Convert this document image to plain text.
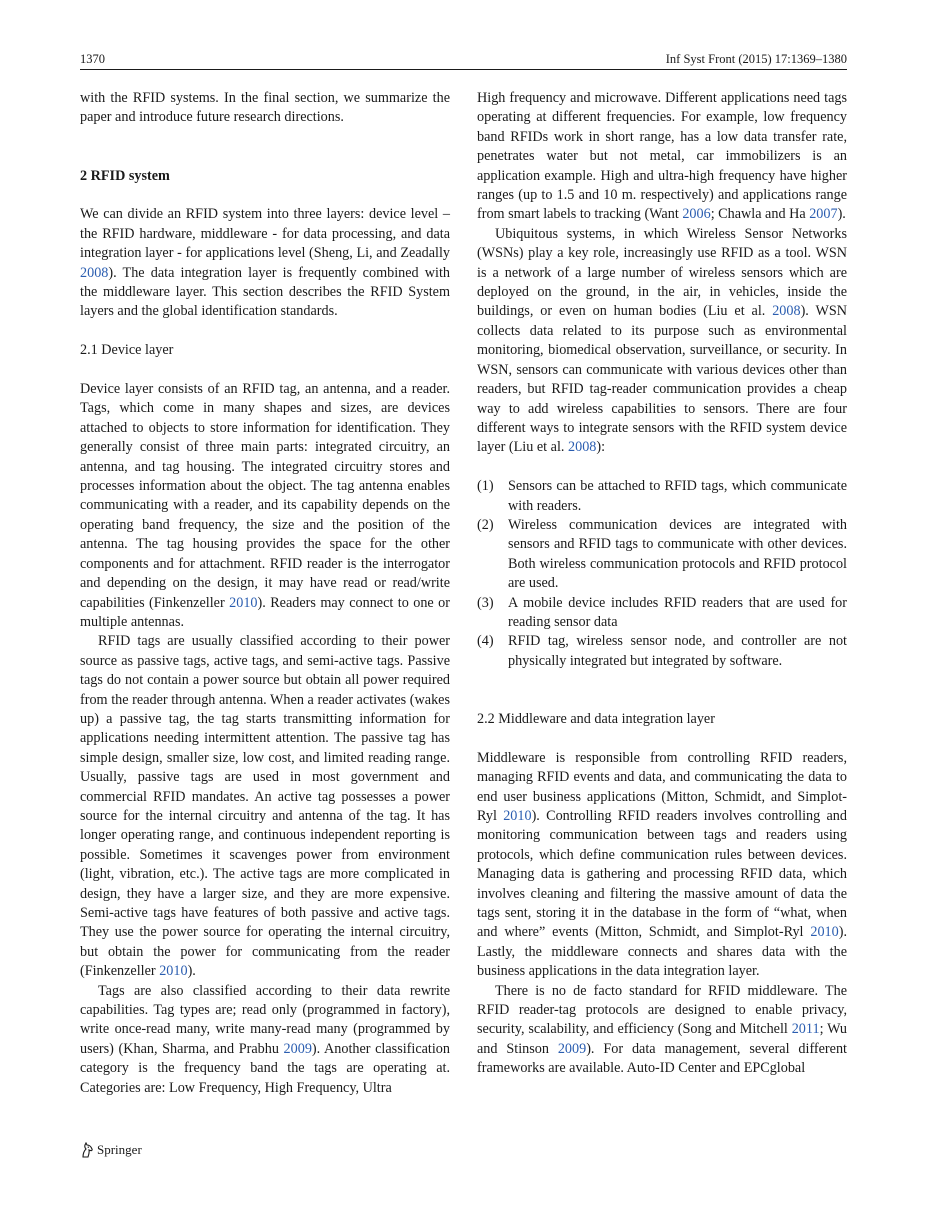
1370	Inf Syst Front (2015) 17:1369–1380

with the RFID systems. In the final section, we summarize the paper and introduce future research directions.

2 RFID system

We can divide an RFID system into three layers: device level – the RFID hardware, middleware - for data processing, and data integration layer - for applications level (Sheng, Li, and Zeadally 2008). The data integration layer is frequently combined with the middleware layer. This section describes the RFID System layers and the global identification standards.

2.1 Device layer

Device layer consists of an RFID tag, an antenna, and a reader. Tags, which come in many shapes and sizes, are devices attached to objects to store information for identification. They generally consist of three main parts: integrated circuitry, an antenna, and tag housing. The integrated circuitry stores and processes information about the object. The tag antenna enables communicating with a reader, and its capability depends on the operating band frequency, the size and the position of the antenna. The tag housing provides the space for the other components and for attachment. RFID reader is the interrogator and depending on the design, it may have read or read/write capabilities (Finkenzeller 2010). Readers may connect to one or multiple antennas.

RFID tags are usually classified according to their power source as passive tags, active tags, and semi-active tags. Passive tags do not contain a power source but obtain all power required from the reader through antenna. When a reader activates (wakes up) a passive tag, the tag starts transmitting information for applications needing intermittent attention. The passive tag has simple design, smaller size, low cost, and limited reading range. Usually, passive tags are used in most government and commercial RFID mandates. An active tag possesses a power source for the internal circuitry and antenna of the tag. It has longer operating range, and continuous independent reporting is possible. Sometimes it scavenges power from environment (light, vibration, etc.). The active tags are more complicated in design, they have a larger size, and they are more expensive. Semi-active tags have features of both passive and active tags. They use the power source for operating the internal circuitry, but obtain the power for communicating from the reader (Finkenzeller 2010).

Tags are also classified according to their data rewrite capabilities. Tag types are; read only (programmed in factory), write once-read many, write many-read many (programmed by users) (Khan, Sharma, and Prabhu 2009). Another classification category is the frequency band the tags are operating at. Categories are: Low Frequency, High Frequency, Ultra

High frequency and microwave. Different applications need tags operating at different frequencies. For example, low frequency band RFIDs work in short range, has a low data transfer rate, penetrates water but not metal, car immobilizers is an application example. High and ultra-high frequency have higher ranges (up to 1.5 and 10 m. respectively) and applications range from smart labels to tracking (Want 2006; Chawla and Ha 2007).

Ubiquitous systems, in which Wireless Sensor Networks (WSNs) play a key role, increasingly use RFID as a tool. WSN is a network of a large number of wireless sensors which are deployed on the ground, in the air, in vehicles, inside the buildings, or even on human bodies (Liu et al. 2008). WSN collects data related to its purpose such as environmental monitoring, biomedical observation, surveillance, or security. In WSN, sensors can communicate with various devices other than readers, but RFID tag-reader communication provides a cheap way to add wireless capabilities to sensors. There are four different ways to integrate sensors with the RFID system device layer (Liu et al. 2008):

(1) Sensors can be attached to RFID tags, which communicate with readers.
(2) Wireless communication devices are integrated with sensors and RFID tags to communicate with other devices. Both wireless communication protocols and RFID protocol are used.
(3) A mobile device includes RFID readers that are used for reading sensor data
(4) RFID tag, wireless sensor node, and controller are not physically integrated but integrated by software.

2.2 Middleware and data integration layer

Middleware is responsible from controlling RFID readers, managing RFID events and data, and communicating the data to end user business applications (Mitton, Schmidt, and Simplot-Ryl 2010). Controlling RFID readers involves controlling and monitoring communication between tags and readers using protocols, which define communication rules between devices. Managing data is gathering and processing RFID data, which involves cleaning and filtering the massive amount of data the tags sent, storing it in the database in the form of “what, when and where” events (Mitton, Schmidt, and Simplot-Ryl 2010). Lastly, the middleware connects and shares data with the business applications in the data integration layer.

There is no de facto standard for RFID middleware. The RFID reader-tag protocols are designed to enable privacy, security, scalability, and efficiency (Song and Mitchell 2011; Wu and Stinson 2009). For data management, several different frameworks are available. Auto-ID Center and EPCglobal

Springer
